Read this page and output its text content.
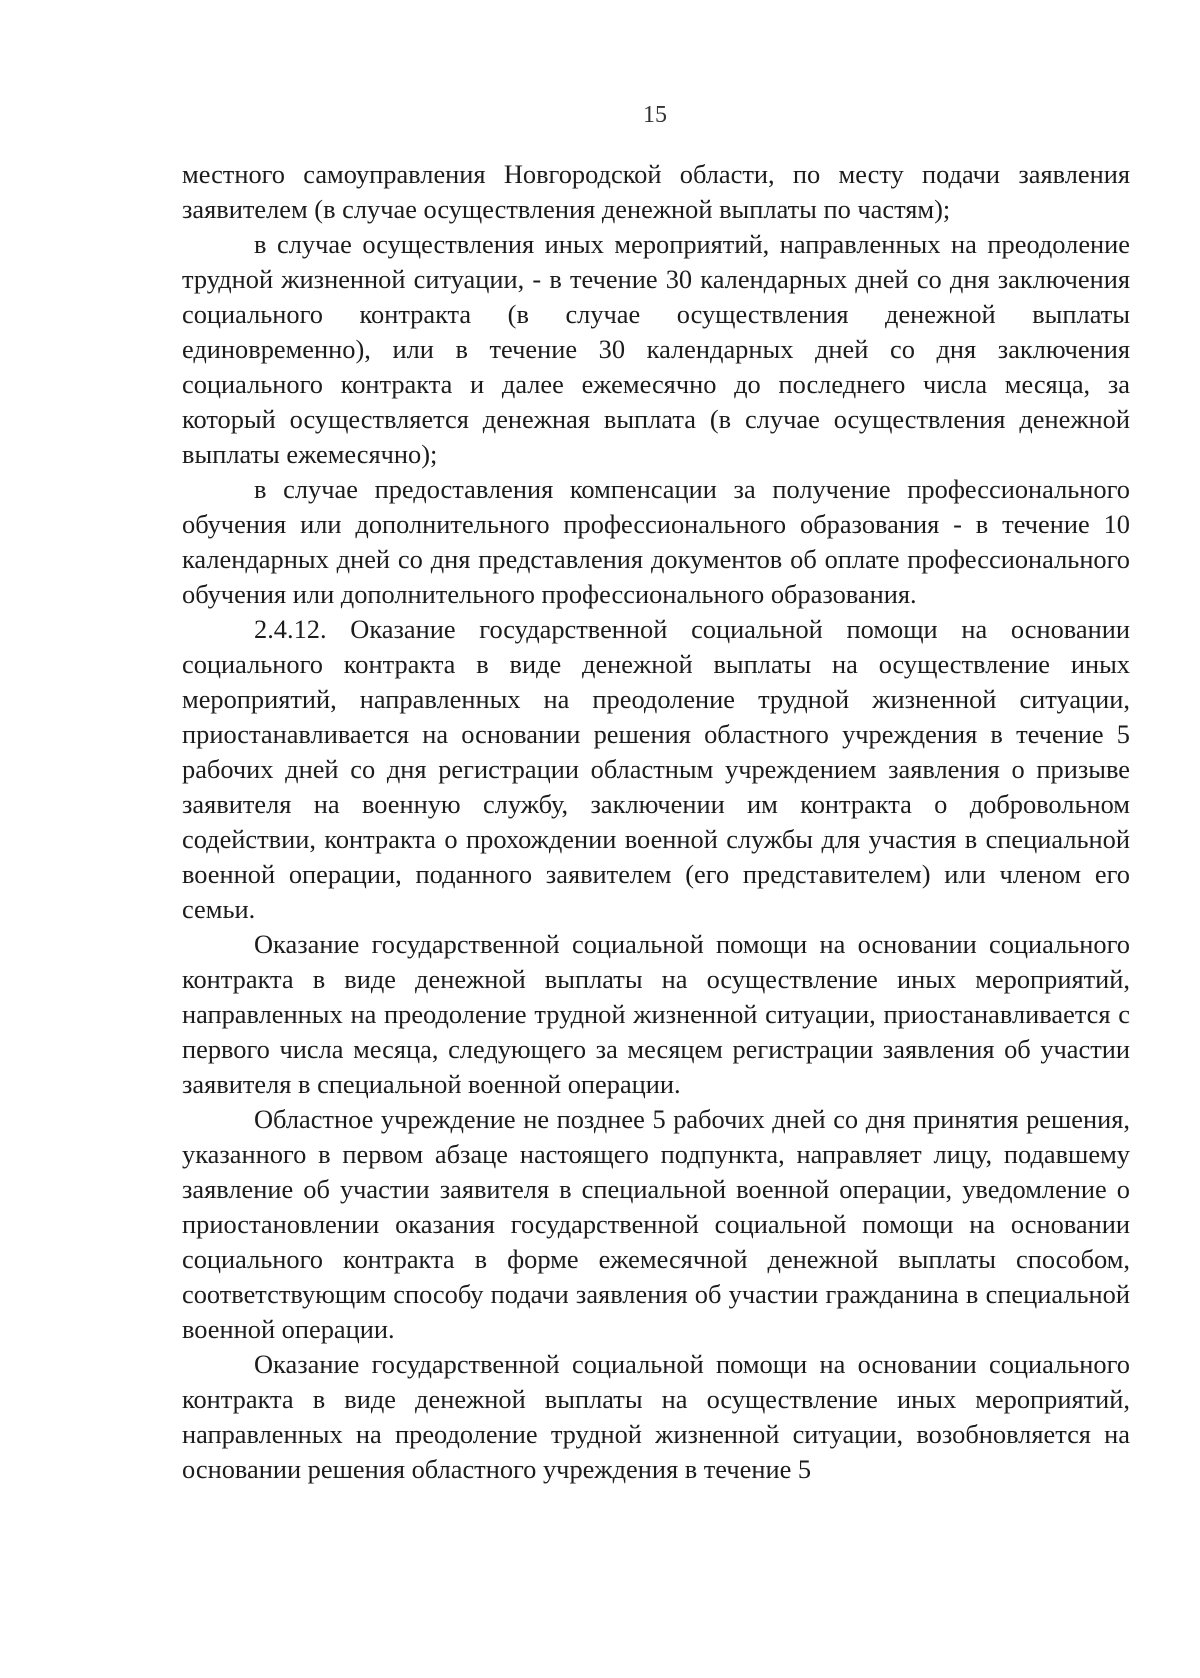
15

местного самоуправления Новгородской области, по месту подачи заявления заявителем (в случае осуществления денежной выплаты по частям);

в случае осуществления иных мероприятий, направленных на преодоление трудной жизненной ситуации, - в течение 30 календарных дней со дня заключения социального контракта (в случае осуществления денежной выплаты единовременно), или в течение 30 календарных дней со дня заключения социального контракта и далее ежемесячно до последнего числа месяца, за который осуществляется денежная выплата (в случае осуществления денежной выплаты ежемесячно);

в случае предоставления компенсации за получение профессионального обучения или дополнительного профессионального образования - в течение 10 календарных дней со дня представления документов об оплате профессионального обучения или дополнительного профессионального образования.

2.4.12. Оказание государственной социальной помощи на основании социального контракта в виде денежной выплаты на осуществление иных мероприятий, направленных на преодоление трудной жизненной ситуации, приостанавливается на основании решения областного учреждения в течение 5 рабочих дней со дня регистрации областным учреждением заявления о призыве заявителя на военную службу, заключении им контракта о добровольном содействии, контракта о прохождении военной службы для участия в специальной военной операции, поданного заявителем (его представителем) или членом его семьи.

Оказание государственной социальной помощи на основании социального контракта в виде денежной выплаты на осуществление иных мероприятий, направленных на преодоление трудной жизненной ситуации, приостанавливается с первого числа месяца, следующего за месяцем регистрации заявления об участии заявителя в специальной военной операции.

Областное учреждение не позднее 5 рабочих дней со дня принятия решения, указанного в первом абзаце настоящего подпункта, направляет лицу, подавшему заявление об участии заявителя в специальной военной операции, уведомление о приостановлении оказания государственной социальной помощи на основании социального контракта в форме ежемесячной денежной выплаты способом, соответствующим способу подачи заявления об участии гражданина в специальной военной операции.

Оказание государственной социальной помощи на основании социального контракта в виде денежной выплаты на осуществление иных мероприятий, направленных на преодоление трудной жизненной ситуации, возобновляется на основании решения областного учреждения в течение 5
